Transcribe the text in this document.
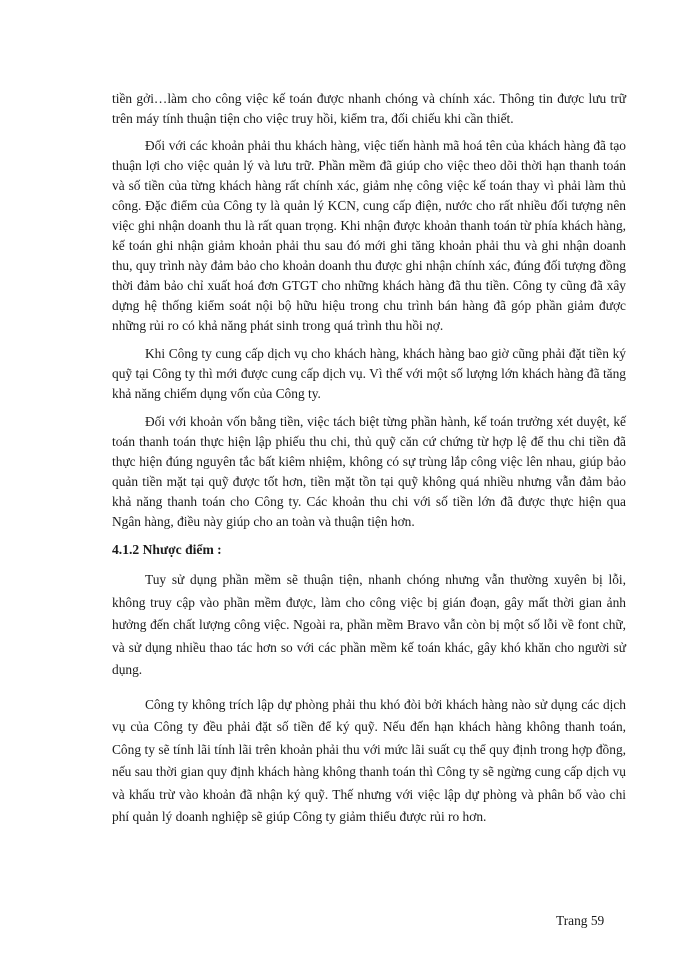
tiền gởi…làm cho công việc kế toán được nhanh chóng và chính xác. Thông tin được lưu trữ trên máy tính thuận tiện cho việc truy hồi, kiểm tra, đối chiếu khi cần thiết.

Đối với các khoản phải thu khách hàng, việc tiến hành mã hoá tên của khách hàng đã tạo thuận lợi cho việc quản lý và lưu trữ. Phần mềm đã giúp cho việc theo dõi thời hạn thanh toán và số tiền của từng khách hàng rất chính xác, giảm nhẹ công việc kế toán thay vì phải làm thủ công. Đặc điểm của Công ty là quản lý KCN, cung cấp điện, nước cho rất nhiều đối tượng nên việc ghi nhận doanh thu là rất quan trọng. Khi nhận được khoản thanh toán từ phía khách hàng, kế toán ghi nhận giảm khoản phải thu sau đó mới ghi tăng khoản phải thu và ghi nhận doanh thu, quy trình này đảm bảo cho khoản doanh thu được ghi nhận chính xác, đúng đối tượng đồng thời đảm bảo chỉ xuất hoá đơn GTGT cho những khách hàng đã thu tiền. Công ty cũng đã xây dựng hệ thống kiểm soát nội bộ hữu hiệu trong chu trình bán hàng đã góp phần giảm được những rủi ro có khả năng phát sinh trong quá trình thu hồi nợ.

Khi Công ty cung cấp dịch vụ cho khách hàng, khách hàng bao giờ cũng phải đặt tiền ký quỹ tại Công ty thì mới được cung cấp dịch vụ. Vì thế với một số lượng lớn khách hàng đã tăng khả năng chiếm dụng vốn của Công ty.

Đối với khoản vốn bằng tiền, việc tách biệt từng phần hành, kế toán trưởng xét duyệt, kế toán thanh toán thực hiện lập phiếu thu chi, thủ quỹ căn cứ chứng từ hợp lệ để thu chi tiền đã thực hiện đúng nguyên tắc bất kiêm nhiệm, không có sự trùng lắp công việc lên nhau, giúp bảo quản tiền mặt tại quỹ được tốt hơn, tiền mặt tồn tại quỹ không quá nhiều nhưng vẫn đảm bảo khả năng thanh toán cho Công ty. Các khoản thu chi với số tiền lớn đã được thực hiện qua Ngân hàng, điều này giúp cho an toàn và thuận tiện hơn.

4.1.2 Nhược điểm :

Tuy sử dụng phần mềm sẽ thuận tiện, nhanh chóng nhưng vẫn thường xuyên bị lỗi, không truy cập vào phần mềm được, làm cho công việc bị gián đoạn, gây mất thời gian ảnh hưởng đến chất lượng công việc. Ngoài ra, phần mềm Bravo vẫn còn bị một số lỗi về font chữ, và sử dụng nhiều thao tác hơn so với các phần mềm kế toán khác, gây khó khăn cho người sử dụng.

Công ty không trích lập dự phòng phải thu khó đòi bởi khách hàng nào sử dụng các dịch vụ của Công ty đều phải đặt số tiền để ký quỹ. Nếu đến hạn khách hàng không thanh toán, Công ty sẽ tính lãi tính lãi trên khoản phải thu với mức lãi suất cụ thể quy định trong hợp đồng, nếu sau thời gian quy định khách hàng không thanh toán thì Công ty sẽ ngừng cung cấp dịch vụ và khấu trừ vào khoản đã nhận ký quỹ. Thế nhưng với việc lập dự phòng và phân bổ vào chi phí quản lý doanh nghiệp sẽ giúp Công ty giảm thiểu được rủi ro hơn.

Trang 59
